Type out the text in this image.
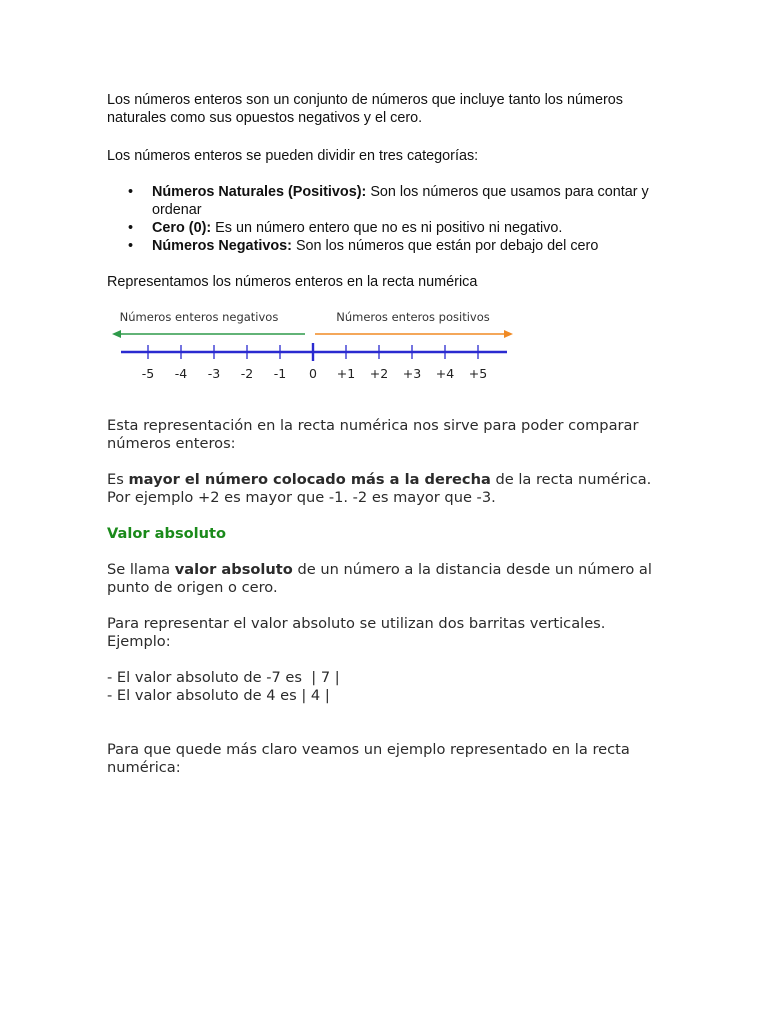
Los números enteros son un conjunto de números que incluye tanto los números naturales como sus opuestos negativos y el cero.

Los números enteros se pueden dividir en tres categorías:

• Números Naturales (Positivos): Son los números que usamos para contar y ordenar
• Cero (0): Es un número entero que no es ni positivo ni negativo.
• Números Negativos: Son los números que están por debajo del cero

Representamos los números enteros en la recta numérica

Números enteros negativos	Números enteros positivos
-5 -4 -3 -2 -1 0 +1 +2 +3 +4 +5

Esta representación en la recta numérica nos sirve para poder comparar números enteros:

Es mayor el número colocado más a la derecha de la recta numérica. Por ejemplo +2 es mayor que -1. -2 es mayor que -3.

Valor absoluto

Se llama valor absoluto de un número a la distancia desde un número al punto de origen o cero.

Para representar el valor absoluto se utilizan dos barritas verticales. Ejemplo:

- El valor absoluto de -7 es  | 7 |

- El valor absoluto de 4 es | 4 |

Para que quede más claro veamos un ejemplo representado en la recta numérica:
